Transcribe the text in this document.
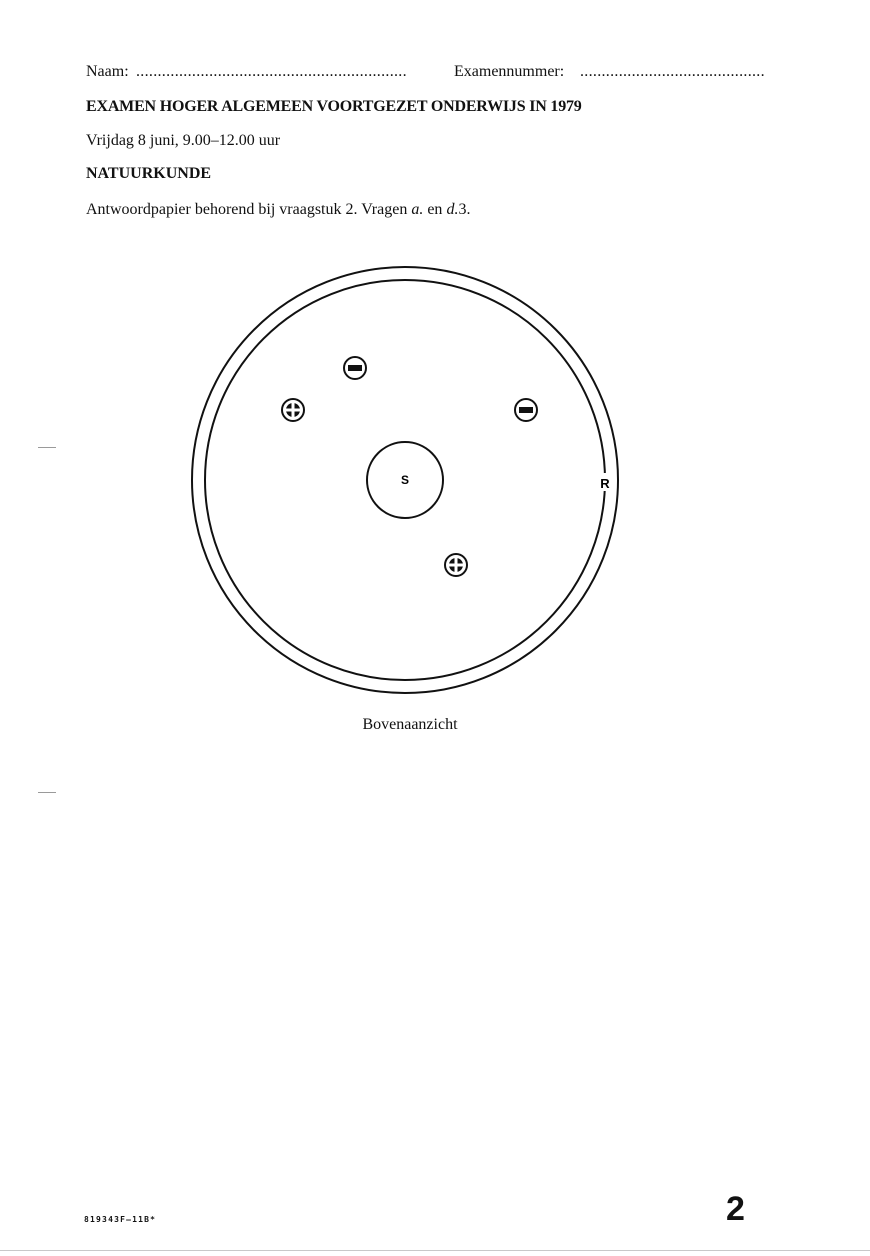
Naam: ...............................................................	Examennummer: ...........................................
EXAMEN HOGER ALGEMEEN VOORTGEZET ONDERWIJS IN 1979
Vrijdag 8 juni, 9.00–12.00 uur
NATUURKUNDE
Antwoordpapier behorend bij vraagstuk 2. Vragen a. en d.3.
S	R
Bovenaanzicht
819343F‒11B*	2
